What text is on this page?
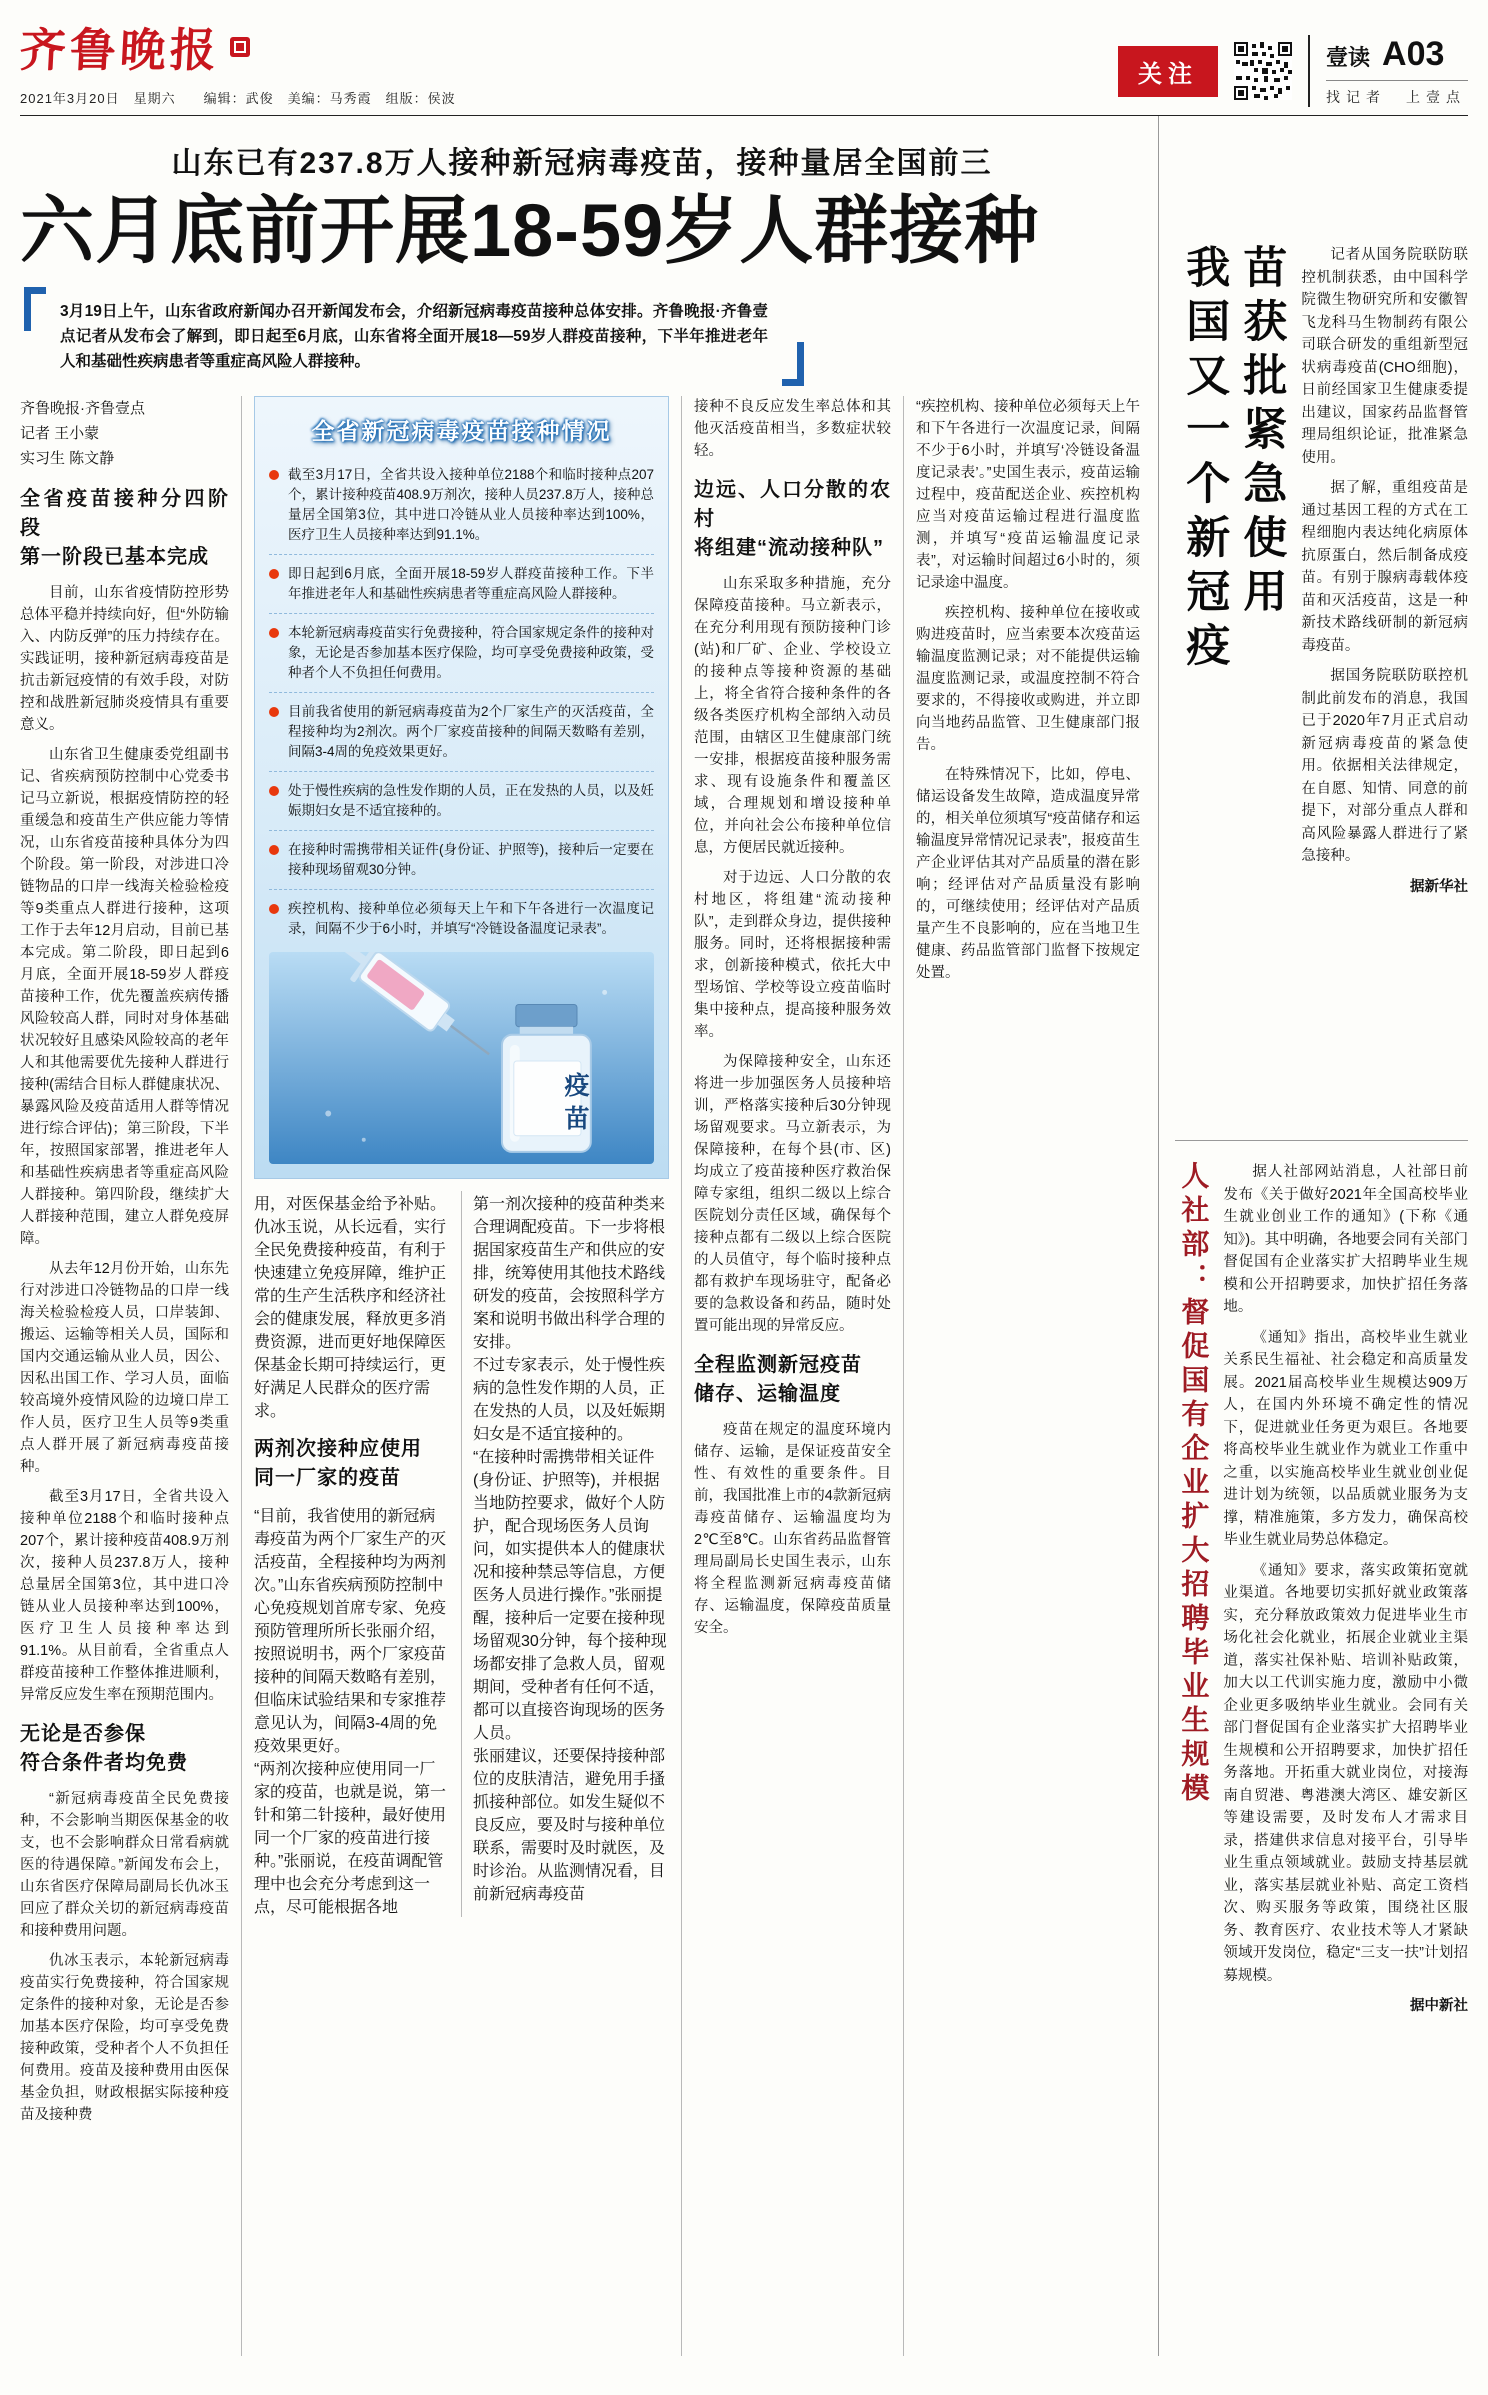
齐鲁晚报
2021年3月20日　星期六　　编辑：武俊　美编：马秀霞　组版：侯波
关注
壹读 A03
找记者　上壹点
山东已有237.8万人接种新冠病毒疫苗，接种量居全国前三
六月底前开展18-59岁人群接种

3月19日上午，山东省政府新闻办召开新闻发布会，介绍新冠病毒疫苗接种总体安排。齐鲁晚报·齐鲁壹点记者从发布会了解到，即日起至6月底，山东省将全面开展18—59岁人群疫苗接种，下半年推进老年人和基础性疾病患者等重症高风险人群接种。

齐鲁晚报·齐鲁壹点
记者 王小蒙
实习生 陈文静
全省疫苗接种分四阶段
第一阶段已基本完成

目前，山东省疫情防控形势总体平稳并持续向好，但“外防输入、内防反弹”的压力持续存在。实践证明，接种新冠病毒疫苗是抗击新冠疫情的有效手段，对防控和战胜新冠肺炎疫情具有重要意义。

山东省卫生健康委党组副书记、省疾病预防控制中心党委书记马立新说，根据疫情防控的轻重缓急和疫苗生产供应能力等情况，山东省疫苗接种具体分为四个阶段。第一阶段，对涉进口冷链物品的口岸一线海关检验检疫等9类重点人群进行接种，这项工作于去年12月启动，目前已基本完成。第二阶段，即日起到6月底，全面开展18-59岁人群疫苗接种工作，优先覆盖疾病传播风险较高人群，同时对身体基础状况较好且感染风险较高的老年人和其他需要优先接种人群进行接种(需结合目标人群健康状况、暴露风险及疫苗适用人群等情况进行综合评估)；第三阶段，下半年，按照国家部署，推进老年人和基础性疾病患者等重症高风险人群接种。第四阶段，继续扩大人群接种范围，建立人群免疫屏障。

从去年12月份开始，山东先行对涉进口冷链物品的口岸一线海关检验检疫人员，口岸装卸、搬运、运输等相关人员，国际和国内交通运输从业人员，因公、因私出国工作、学习人员，面临较高境外疫情风险的边境口岸工作人员，医疗卫生人员等9类重点人群开展了新冠病毒疫苗接种。

截至3月17日，全省共设入接种单位2188个和临时接种点207个，累计接种疫苗408.9万剂次，接种人员237.8万人，接种总量居全国第3位，其中进口冷链从业人员接种率达到100%，医疗卫生人员接种率达到91.1%。从目前看，全省重点人群疫苗接种工作整体推进顺利，异常反应发生率在预期范围内。

无论是否参保
符合条件者均免费

“新冠病毒疫苗全民免费接种，不会影响当期医保基金的收支，也不会影响群众日常看病就医的待遇保障。”新闻发布会上，山东省医疗保障局副局长仇冰玉回应了群众关切的新冠病毒疫苗和接种费用问题。

仇冰玉表示，本轮新冠病毒疫苗实行免费接种，符合国家规定条件的接种对象，无论是否参加基本医疗保险，均可享受免费接种政策，受种者个人不负担任何费用。疫苗及接种费用由医保基金负担，财政根据实际接种疫苗及接种费

全省新冠病毒疫苗接种情况
截至3月17日，全省共设入接种单位2188个和临时接种点207个，累计接种疫苗408.9万剂次，接种人员237.8万人，接种总量居全国第3位，其中进口冷链从业人员接种率达到100%，医疗卫生人员接种率达到91.1%。
即日起到6月底，全面开展18-59岁人群疫苗接种工作。下半年推进老年人和基础性疾病患者等重症高风险人群接种。
本轮新冠病毒疫苗实行免费接种，符合国家规定条件的接种对象，无论是否参加基本医疗保险，均可享受免费接种政策，受种者个人不负担任何费用。
目前我省使用的新冠病毒疫苗为2个厂家生产的灭活疫苗，全程接种均为2剂次。两个厂家疫苗接种的间隔天数略有差别，间隔3-4周的免疫效果更好。
处于慢性疾病的急性发作期的人员，正在发热的人员，以及妊娠期妇女是不适宜接种的。
在接种时需携带相关证件(身份证、护照等)，接种后一定要在接种现场留观30分钟。
疾控机构、接种单位必须每天上午和下午各进行一次温度记录，间隔不少于6小时，并填写“冷链设备温度记录表”。
疫苗

用，对医保基金给予补贴。

仇冰玉说，从长远看，实行全民免费接种疫苗，有利于快速建立免疫屏障，维护正常的生产生活秩序和经济社会的健康发展，释放更多消费资源，进而更好地保障医保基金长期可持续运行，更好满足人民群众的医疗需求。

两剂次接种应使用
同一厂家的疫苗

“目前，我省使用的新冠病毒疫苗为两个厂家生产的灭活疫苗，全程接种均为两剂次。”山东省疾病预防控制中心免疫规划首席专家、免疫预防管理所所长张丽介绍，按照说明书，两个厂家疫苗接种的间隔天数略有差别，但临床试验结果和专家推荐意见认为，间隔3-4周的免疫效果更好。

“两剂次接种应使用同一厂家的疫苗，也就是说，第一针和第二针接种，最好使用同一个厂家的疫苗进行接种。”张丽说，在疫苗调配管理中也会充分考虑到这一点，尽可能根据各地

第一剂次接种的疫苗种类来合理调配疫苗。下一步将根据国家疫苗生产和供应的安排，统筹使用其他技术路线研发的疫苗，会按照科学方案和说明书做出科学合理的安排。

不过专家表示，处于慢性疾病的急性发作期的人员，正在发热的人员，以及妊娠期妇女是不适宜接种的。

“在接种时需携带相关证件(身份证、护照等)，并根据当地防控要求，做好个人防护，配合现场医务人员询问，如实提供本人的健康状况和接种禁忌等信息，方便医务人员进行操作。”张丽提醒，接种后一定要在接种现场留观30分钟，每个接种现场都安排了急救人员，留观期间，受种者有任何不适，都可以直接咨询现场的医务人员。

张丽建议，还要保持接种部位的皮肤清洁，避免用手搔抓接种部位。如发生疑似不良反应，要及时与接种单位联系，需要时及时就医，及时诊治。从监测情况看，目前新冠病毒疫苗

接种不良反应发生率总体和其他灭活疫苗相当，多数症状较轻。

边远、人口分散的农村
将组建“流动接种队”

山东采取多种措施，充分保障疫苗接种。马立新表示，在充分利用现有预防接种门诊(站)和厂矿、企业、学校设立的接种点等接种资源的基础上，将全省符合接种条件的各级各类医疗机构全部纳入动员范围，由辖区卫生健康部门统一安排，根据疫苗接种服务需求、现有设施条件和覆盖区域，合理规划和增设接种单位，并向社会公布接种单位信息，方便居民就近接种。

对于边远、人口分散的农村地区，将组建“流动接种队”，走到群众身边，提供接种服务。同时，还将根据接种需求，创新接种模式，依托大中型场馆、学校等设立疫苗临时集中接种点，提高接种服务效率。

为保障接种安全，山东还将进一步加强医务人员接种培训，严格落实接种后30分钟现场留观要求。马立新表示，为保障接种，在每个县(市、区)均成立了疫苗接种医疗救治保障专家组，组织二级以上综合医院划分责任区域，确保每个接种点都有二级以上综合医院的人员值守，每个临时接种点都有救护车现场驻守，配备必要的急救设备和药品，随时处置可能出现的异常反应。

全程监测新冠疫苗
储存、运输温度

疫苗在规定的温度环境内储存、运输，是保证疫苗安全性、有效性的重要条件。目前，我国批准上市的4款新冠病毒疫苗储存、运输温度均为2℃至8℃。山东省药品监督管理局副局长史国生表示，山东将全程监测新冠病毒疫苗储存、运输温度，保障疫苗质量安全。

“疾控机构、接种单位必须每天上午和下午各进行一次温度记录，间隔不少于6小时，并填写‘冷链设备温度记录表’。”史国生表示，疫苗运输过程中，疫苗配送企业、疾控机构应当对疫苗运输过程进行温度监测，并填写“疫苗运输温度记录表”，对运输时间超过6小时的，须记录途中温度。

疾控机构、接种单位在接收或购进疫苗时，应当索要本次疫苗运输温度监测记录；对不能提供运输温度监测记录，或温度控制不符合要求的，不得接收或购进，并立即向当地药品监管、卫生健康部门报告。

在特殊情况下，比如，停电、储运设备发生故障，造成温度异常的，相关单位须填写“疫苗储存和运输温度异常情况记录表”，报疫苗生产企业评估其对产品质量的潜在影响；经评估对产品质量没有影响的，可继续使用；经评估对产品质量产生不良影响的，应在当地卫生健康、药品监管部门监督下按规定处置。

我国又一个新冠疫苗获批紧急使用	记者从国务院联防联控机制获悉，由中国科学院微生物研究所和安徽智飞龙科马生物制药有限公司联合研发的重组新型冠状病毒疫苗(CHO细胞)，日前经国家卫生健康委提出建议，国家药品监督管理局组织论证，批准紧急使用。

据了解，重组疫苗是通过基因工程的方式在工程细胞内表达纯化病原体抗原蛋白，然后制备成疫苗。有别于腺病毒载体疫苗和灭活疫苗，这是一种新技术路线研制的新冠病毒疫苗。

据国务院联防联控机制此前发布的消息，我国已于2020年7月正式启动新冠病毒疫苗的紧急使用。依据相关法律规定，在自愿、知情、同意的前提下，对部分重点人群和高风险暴露人群进行了紧急接种。

据新华社

人社部：督促国有企业扩大招聘毕业生规模	据人社部网站消息，人社部日前发布《关于做好2021年全国高校毕业生就业创业工作的通知》(下称《通知》)。其中明确，各地要会同有关部门督促国有企业落实扩大招聘毕业生规模和公开招聘要求，加快扩招任务落地。

《通知》指出，高校毕业生就业关系民生福祉、社会稳定和高质量发展。2021届高校毕业生规模达909万人，在国内外环境不确定性的情况下，促进就业任务更为艰巨。各地要将高校毕业生就业作为就业工作重中之重，以实施高校毕业生就业创业促进计划为统领，以品质就业服务为支撑，精准施策，多方发力，确保高校毕业生就业局势总体稳定。

《通知》要求，落实政策拓宽就业渠道。各地要切实抓好就业政策落实，充分释放政策效力促进毕业生市场化社会化就业，拓展企业就业主渠道，落实社保补贴、培训补贴政策，加大以工代训实施力度，激励中小微企业更多吸纳毕业生就业。会同有关部门督促国有企业落实扩大招聘毕业生规模和公开招聘要求，加快扩招任务落地。开拓重大就业岗位，对接海南自贸港、粤港澳大湾区、雄安新区等建设需要，及时发布人才需求目录，搭建供求信息对接平台，引导毕业生重点领域就业。鼓励支持基层就业，落实基层就业补贴、高定工资档次、购买服务等政策，围绕社区服务、教育医疗、农业技术等人才紧缺领域开发岗位，稳定“三支一扶”计划招募规模。

据中新社
